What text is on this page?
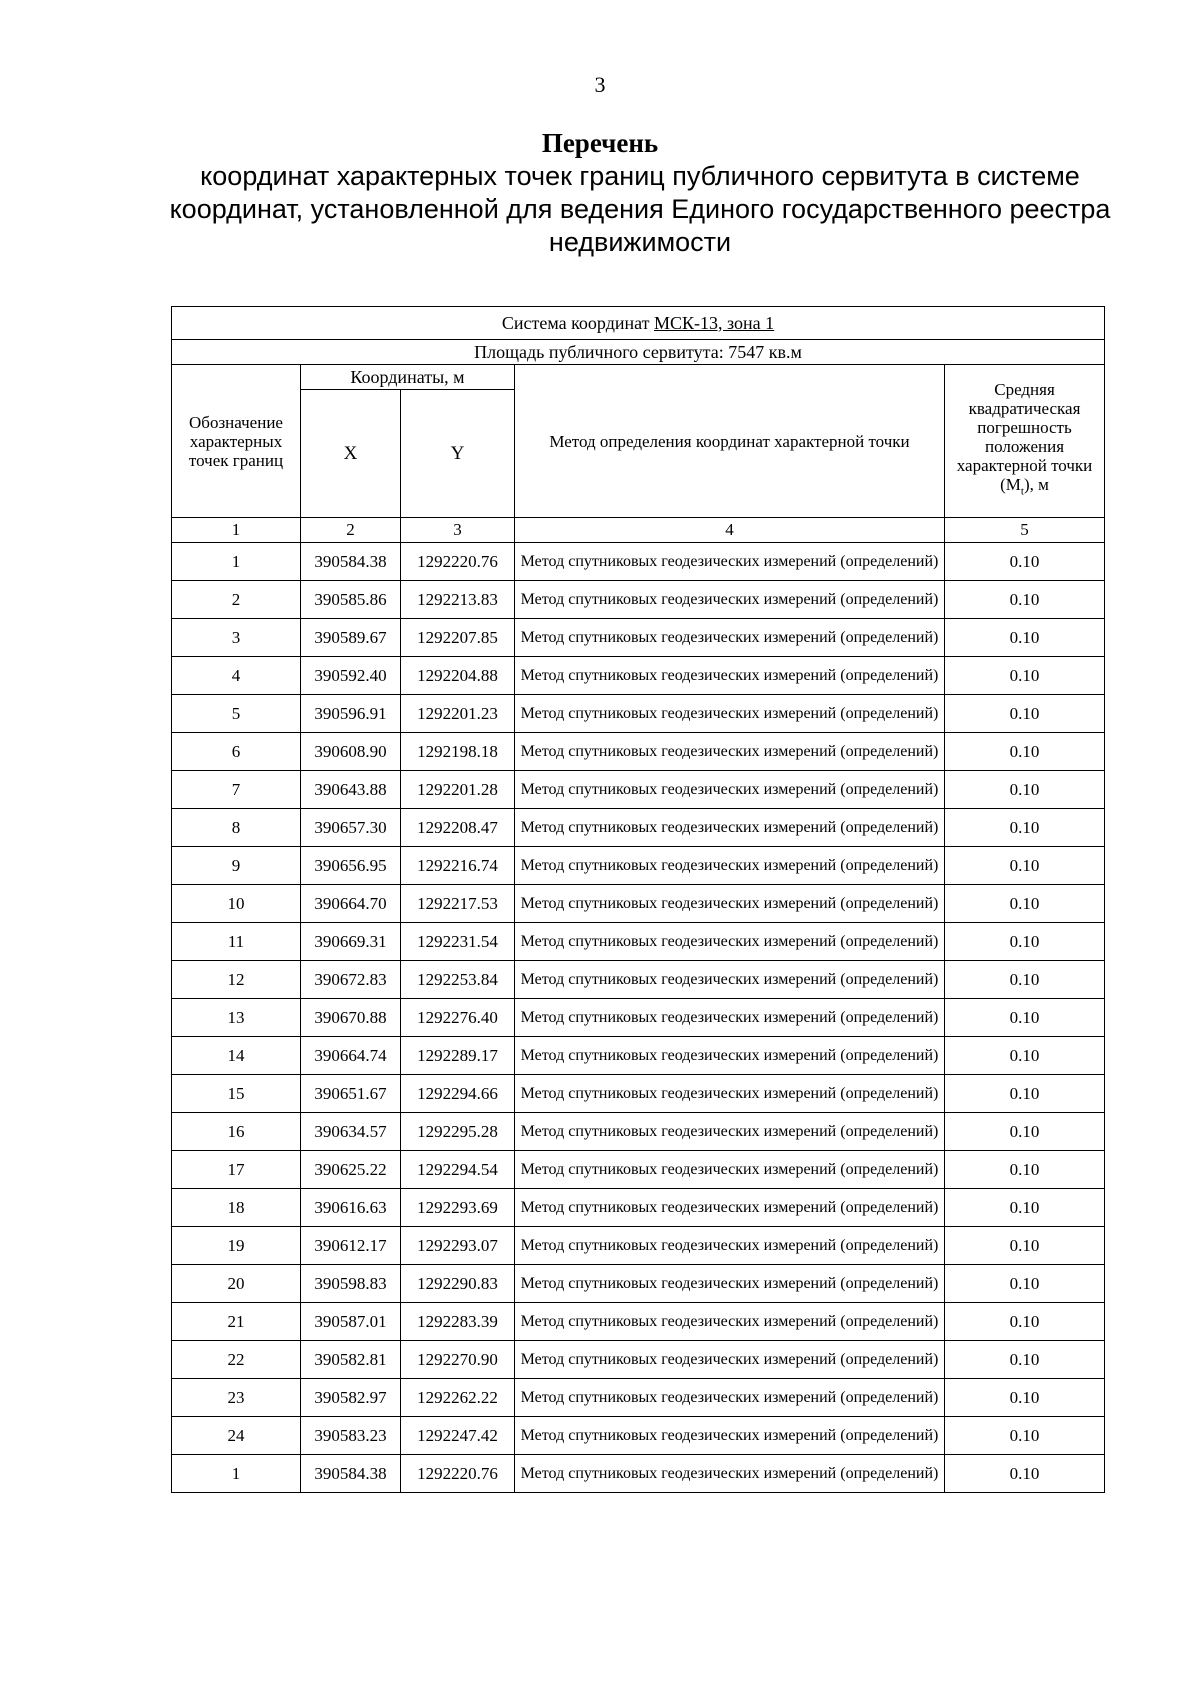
3
Перечень
координат характерных точек границ публичного сервитута в системе координат, установленной для ведения Единого государственного реестра недвижимости
Система координат МСК-13, зона 1				
Площадь публичного сервитута: 7547 кв.м				
Обозначение характерных точек границ	Координаты, м		Метод определения координат характерной точки	Средняя квадратическая погрешность положения характерной точки $(M_t)$, м
	X	Y		
1	2	3	4	5
1	390584.38	1292220.76	Метод спутниковых геодезических измерений (определений)	0.10
2	390585.86	1292213.83	Метод спутниковых геодезических измерений (определений)	0.10
3	390589.67	1292207.85	Метод спутниковых геодезических измерений (определений)	0.10
4	390592.40	1292204.88	Метод спутниковых геодезических измерений (определений)	0.10
5	390596.91	1292201.23	Метод спутниковых геодезических измерений (определений)	0.10
6	390608.90	1292198.18	Метод спутниковых геодезических измерений (определений)	0.10
7	390643.88	1292201.28	Метод спутниковых геодезических измерений (определений)	0.10
8	390657.30	1292208.47	Метод спутниковых геодезических измерений (определений)	0.10
9	390656.95	1292216.74	Метод спутниковых геодезических измерений (определений)	0.10
10	390664.70	1292217.53	Метод спутниковых геодезических измерений (определений)	0.10
11	390669.31	1292231.54	Метод спутниковых геодезических измерений (определений)	0.10
12	390672.83	1292253.84	Метод спутниковых геодезических измерений (определений)	0.10
13	390670.88	1292276.40	Метод спутниковых геодезических измерений (определений)	0.10
14	390664.74	1292289.17	Метод спутниковых геодезических измерений (определений)	0.10
15	390651.67	1292294.66	Метод спутниковых геодезических измерений (определений)	0.10
16	390634.57	1292295.28	Метод спутниковых геодезических измерений (определений)	0.10
17	390625.22	1292294.54	Метод спутниковых геодезических измерений (определений)	0.10
18	390616.63	1292293.69	Метод спутниковых геодезических измерений (определений)	0.10
19	390612.17	1292293.07	Метод спутниковых геодезических измерений (определений)	0.10
20	390598.83	1292290.83	Метод спутниковых геодезических измерений (определений)	0.10
21	390587.01	1292283.39	Метод спутниковых геодезических измерений (определений)	0.10
22	390582.81	1292270.90	Метод спутниковых геодезических измерений (определений)	0.10
23	390582.97	1292262.22	Метод спутниковых геодезических измерений (определений)	0.10
24	390583.23	1292247.42	Метод спутниковых геодезических измерений (определений)	0.10
1	390584.38	1292220.76	Метод спутниковых геодезических измерений (определений)	0.10
